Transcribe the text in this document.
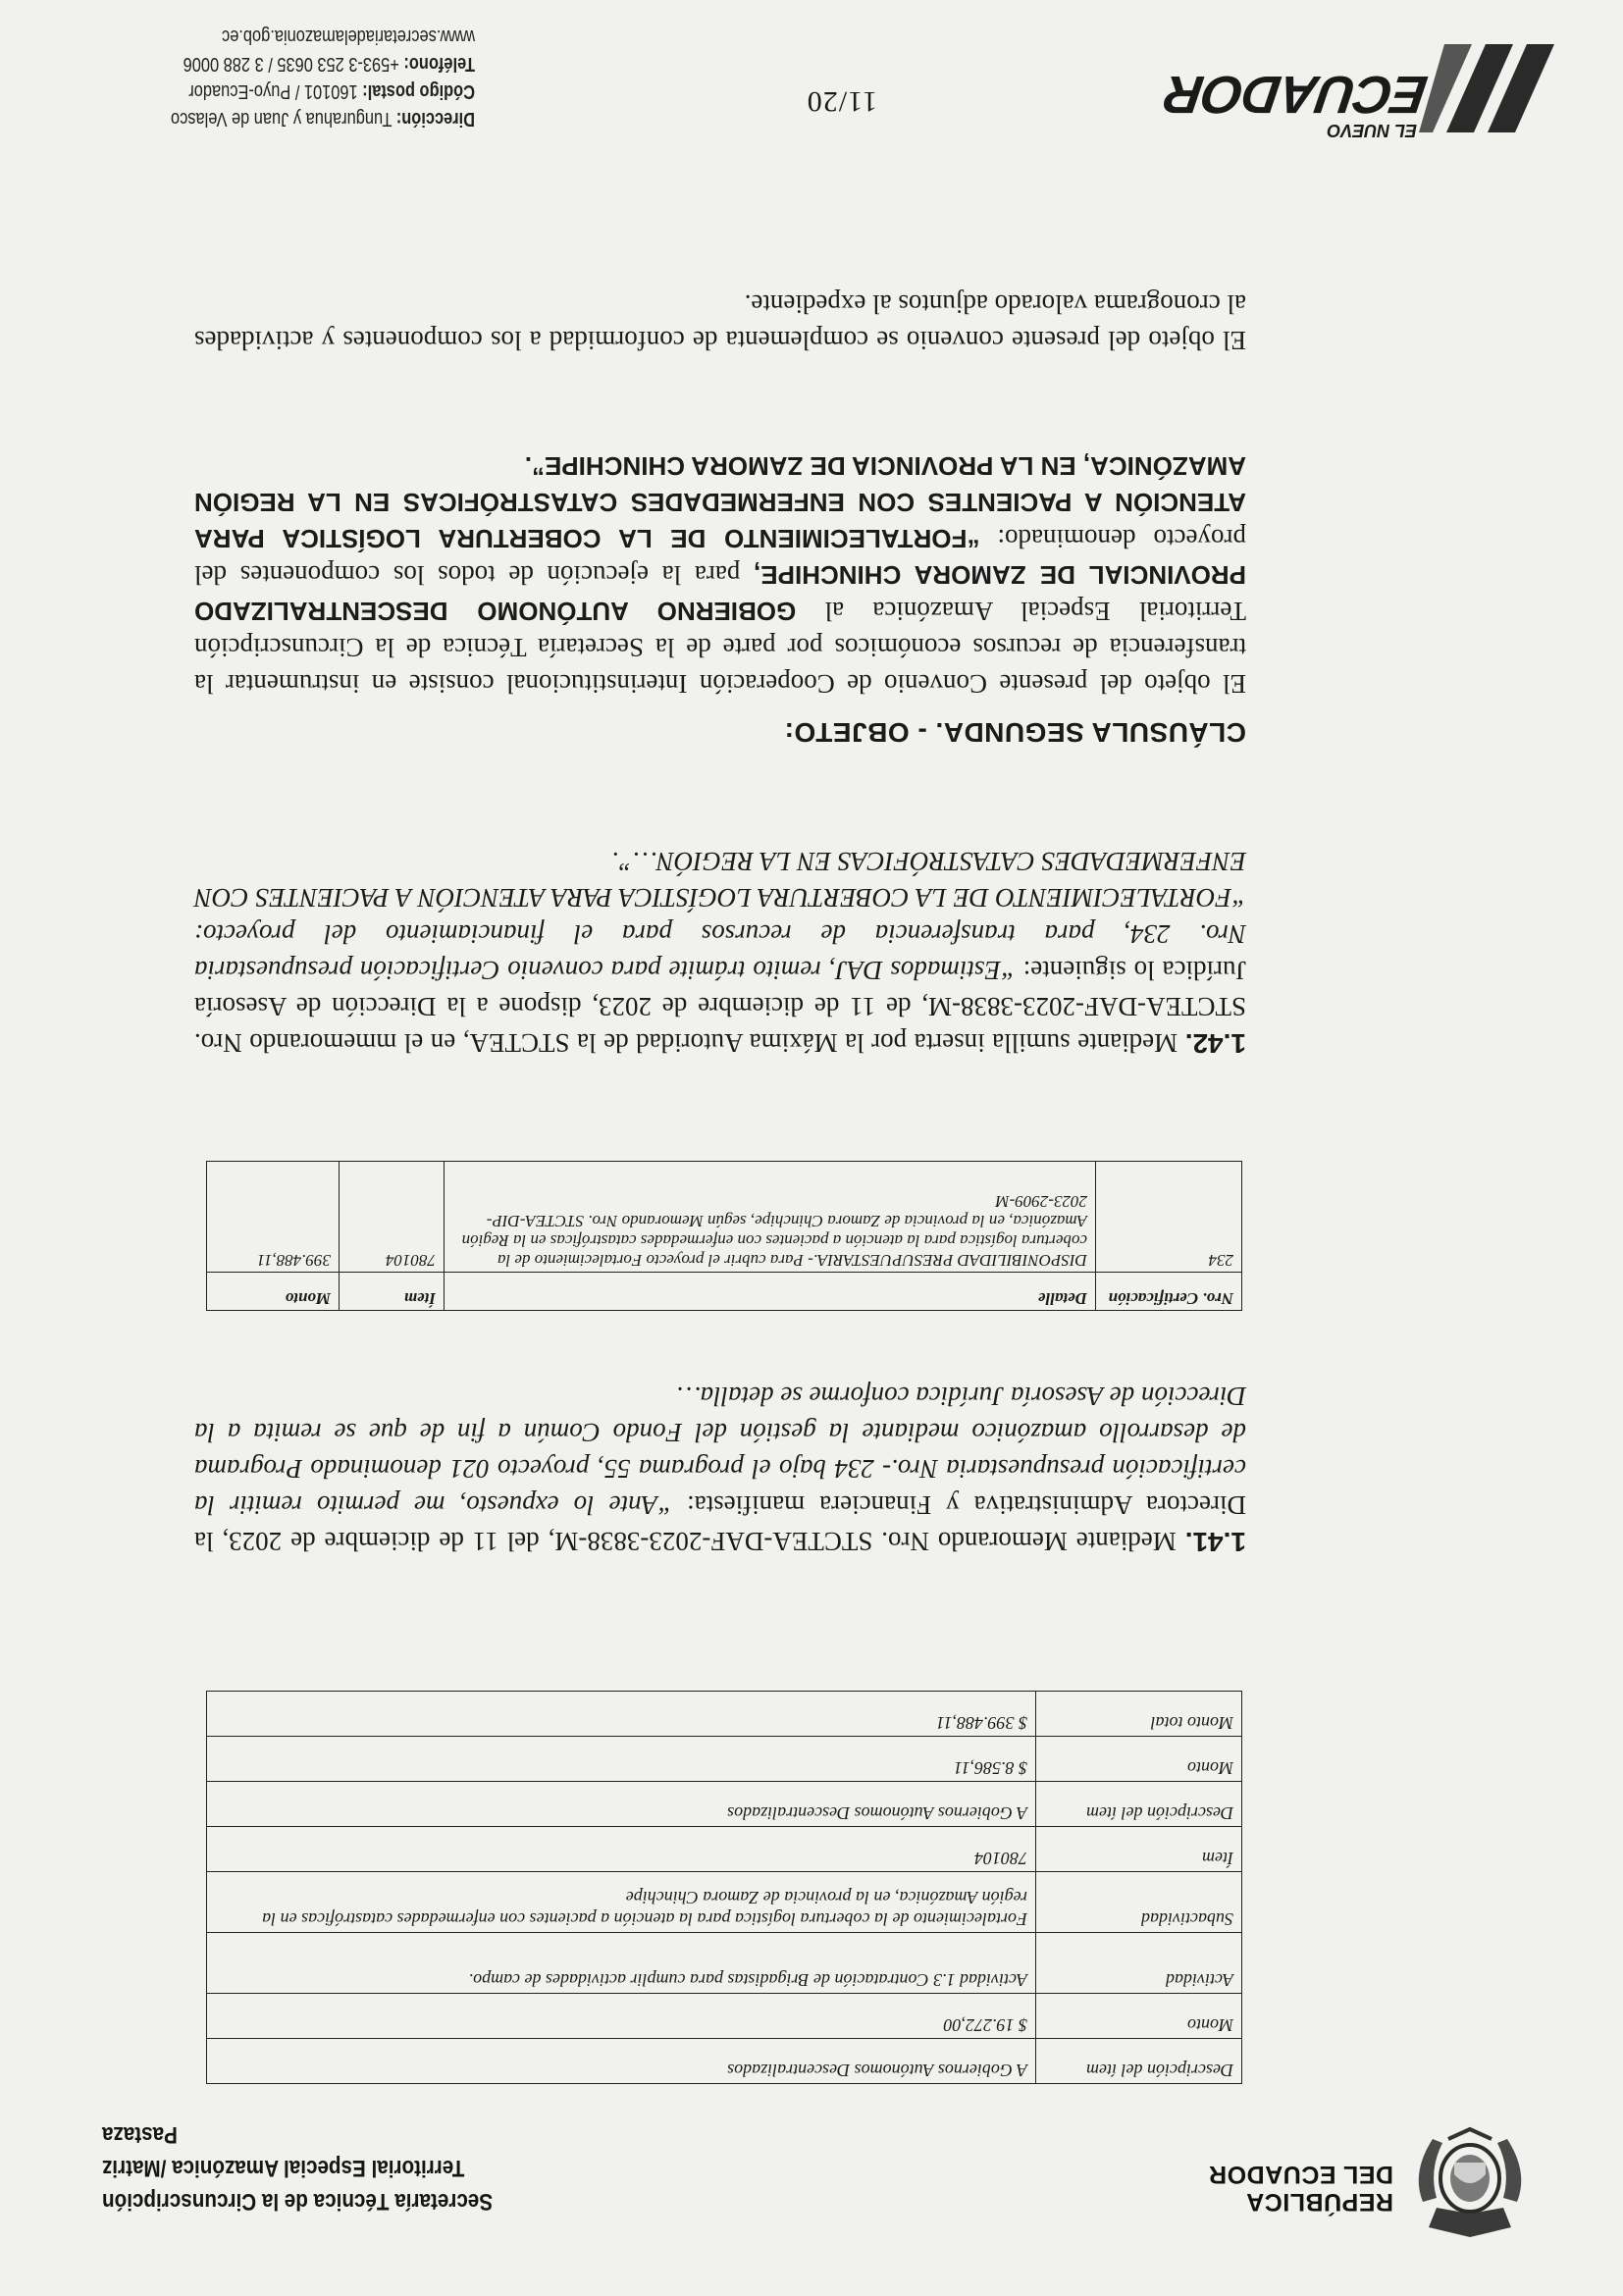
REPÚBLICA
DEL ECUADOR
Secretaría Técnica de la Circunscripción
Territorial Especial Amazónica /Matriz Pastaza
Descripción del ítem	A Gobiernos Autónomos Descentralizados
Monto	$ 19.272,00
Actividad	Actividad 1.3 Contratación de Brigadistas para cumplir actividades de campo.
Subactividad	Fortalecimiento de la cobertura logística para la atención a pacientes con enfermedades catastróficas en la región Amazónica, en la provincia de Zamora Chinchipe
Ítem	780104
Descripción del ítem	A Gobiernos Autónomos Descentralizados
Monto	$ 8.586,11
Monto total	$ 399.488,11
1.41. Mediante Memorando Nro. STCTEA-DAF-2023-3838-M, del 11 de diciembre de 2023, la Directora Administrativa y Financiera manifiesta: “Ante lo expuesto, me permito remitir la certificación presupuestaria Nro.- 234 bajo el programa 55, proyecto 021 denominado Programa de desarrollo amazónico mediante la gestión del Fondo Común a fin de que se remita a la Dirección de Asesoría Jurídica conforme se detalla…
Nro. Certificación	Detalle	Ítem	Monto
234	DISPONIBILIDAD PRESUPUESTARIA.- Para cubrir el proyecto Fortalecimiento de la cobertura logística para la atención a pacientes con enfermedades catastróficas en la Región Amazónica, en la provincia de Zamora Chinchipe, según Memorando Nro. STCTEA-DIP-2023-2909-M	780104	399.488,11
1.42. Mediante sumilla inserta por la Máxima Autoridad de la STCTEA, en el mmemorando Nro. STCTEA-DAF-2023-3838-M, de 11 de diciembre de 2023, dispone a la Dirección de Asesoría Jurídica lo siguiente: “Estimados DAJ, remito trámite para convenio Certificación presupuestaria Nro. 234, para transferencia de recursos para el financiamiento del proyecto: “FORTALECIMIENTO DE LA COBERTURA LOGÍSTICA PARA ATENCIÓN A PACIENTES CON ENFERMEDADES CATASTRÓFICAS EN LA REGIÓN…”.
CLÁUSULA SEGUNDA. - OBJETO:
El objeto del presente Convenio de Cooperación Interinstitucional consiste en instrumentar la transferencia de recursos económicos por parte de la Secretaría Técnica de la Circunscripción Territorial Especial Amazónica al GOBIERNO AUTÓNOMO DESCENTRALIZADO PROVINCIAL DE ZAMORA CHINCHIPE, para la ejecución de todos los componentes del proyecto denominado: “FORTALECIMIENTO DE LA COBERTURA LOGÍSTICA PARA ATENCIÓN A PACIENTES CON ENFERMEDADES CATASTRÓFICAS EN LA REGIÓN AMAZÓNICA, EN LA PROVINCIA DE ZAMORA CHINCHIPE”.
El objeto del presente convenio se complementa de conformidad a los componentes y actividades al cronograma valorado adjuntos al expediente.
11/20
EL NUEVO
ECUADOR
Dirección: Tungurahua y Juan de Velasco
Código postal: 160101 / Puyo-Ecuador
Teléfono: +593-3 253 0635 / 3 288 0006
www.secretariadelamazonia.gob.ec
